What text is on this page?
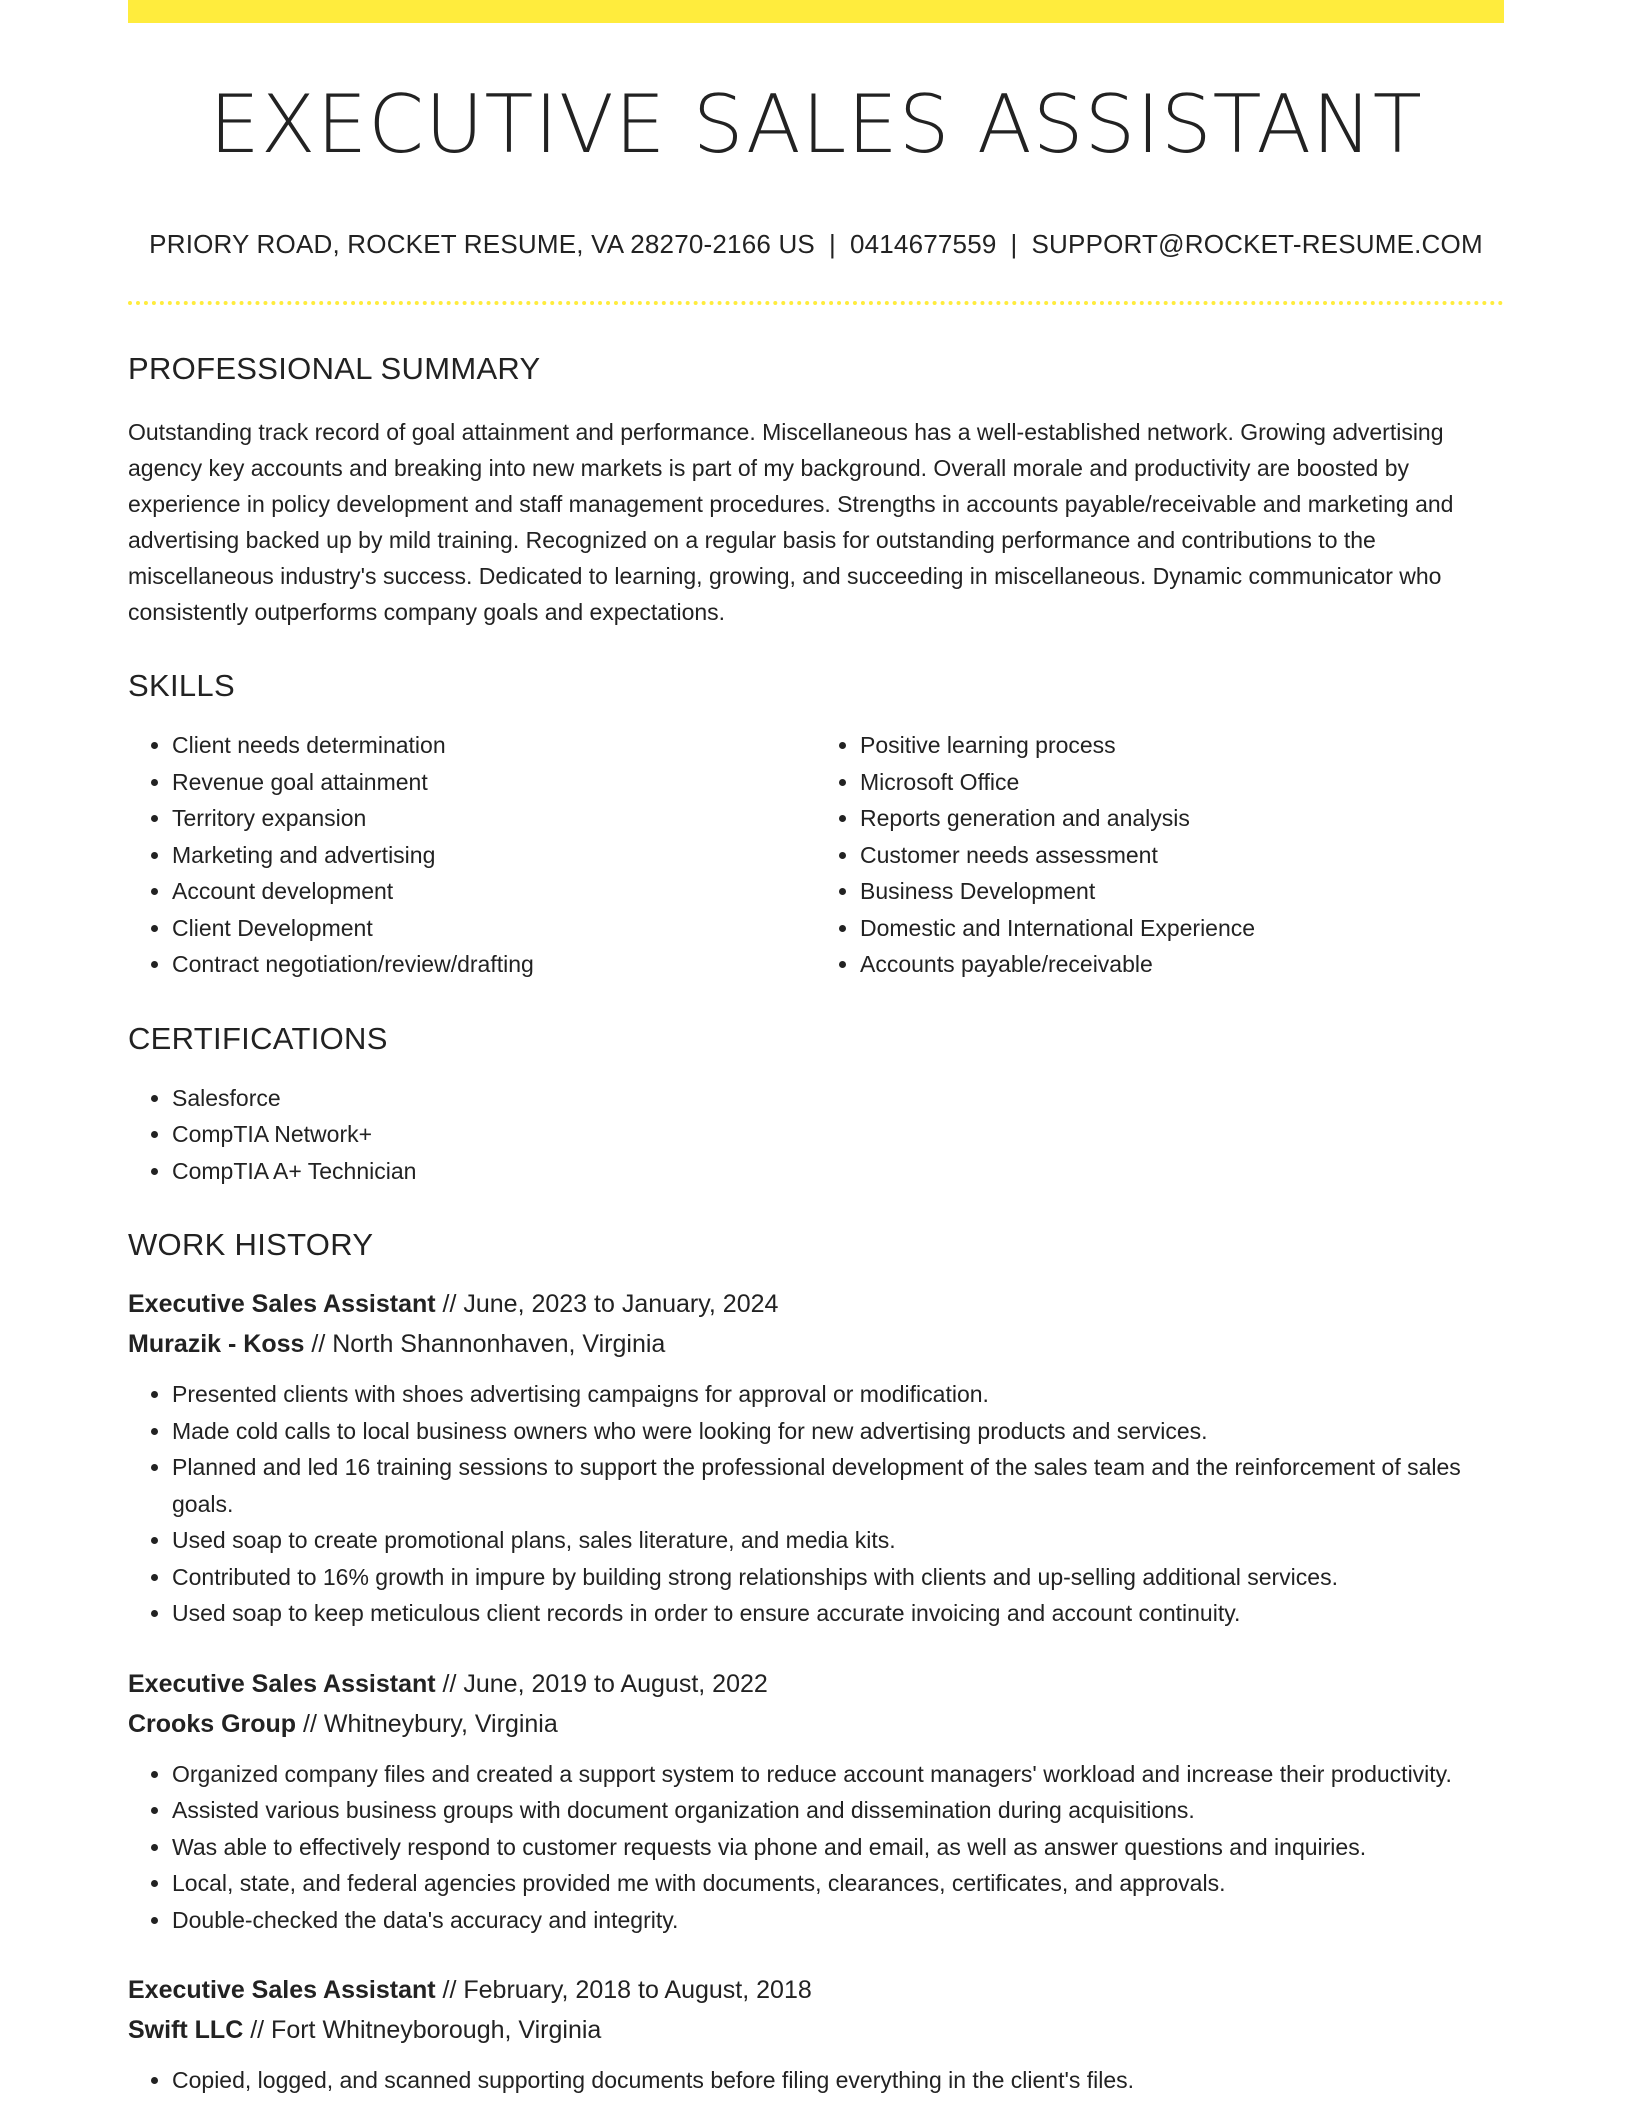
EXECUTIVE SALES ASSISTANT
PRIORY ROAD, ROCKET RESUME, VA 28270-2166 US | 0414677559 | SUPPORT@ROCKET-RESUME.COM
PROFESSIONAL SUMMARY
Outstanding track record of goal attainment and performance. Miscellaneous has a well-established network. Growing advertising agency key accounts and breaking into new markets is part of my background. Overall morale and productivity are boosted by experience in policy development and staff management procedures. Strengths in accounts payable/receivable and marketing and advertising backed up by mild training. Recognized on a regular basis for outstanding performance and contributions to the miscellaneous industry's success. Dedicated to learning, growing, and succeeding in miscellaneous. Dynamic communicator who consistently outperforms company goals and expectations.
SKILLS
• Client needs determination
• Revenue goal attainment
• Territory expansion
• Marketing and advertising
• Account development
• Client Development
• Contract negotiation/review/drafting
• Positive learning process
• Microsoft Office
• Reports generation and analysis
• Customer needs assessment
• Business Development
• Domestic and International Experience
• Accounts payable/receivable
CERTIFICATIONS
• Salesforce
• CompTIA Network+
• CompTIA A+ Technician
WORK HISTORY
Executive Sales Assistant // June, 2023 to January, 2024
Murazik - Koss // North Shannonhaven, Virginia
• Presented clients with shoes advertising campaigns for approval or modification.
• Made cold calls to local business owners who were looking for new advertising products and services.
• Planned and led 16 training sessions to support the professional development of the sales team and the reinforcement of sales goals.
• Used soap to create promotional plans, sales literature, and media kits.
• Contributed to 16% growth in impure by building strong relationships with clients and up-selling additional services.
• Used soap to keep meticulous client records in order to ensure accurate invoicing and account continuity.
Executive Sales Assistant // June, 2019 to August, 2022
Crooks Group // Whitneybury, Virginia
• Organized company files and created a support system to reduce account managers' workload and increase their productivity.
• Assisted various business groups with document organization and dissemination during acquisitions.
• Was able to effectively respond to customer requests via phone and email, as well as answer questions and inquiries.
• Local, state, and federal agencies provided me with documents, clearances, certificates, and approvals.
• Double-checked the data's accuracy and integrity.
Executive Sales Assistant // February, 2018 to August, 2018
Swift LLC // Fort Whitneyborough, Virginia
• Copied, logged, and scanned supporting documents before filing everything in the client's files.
